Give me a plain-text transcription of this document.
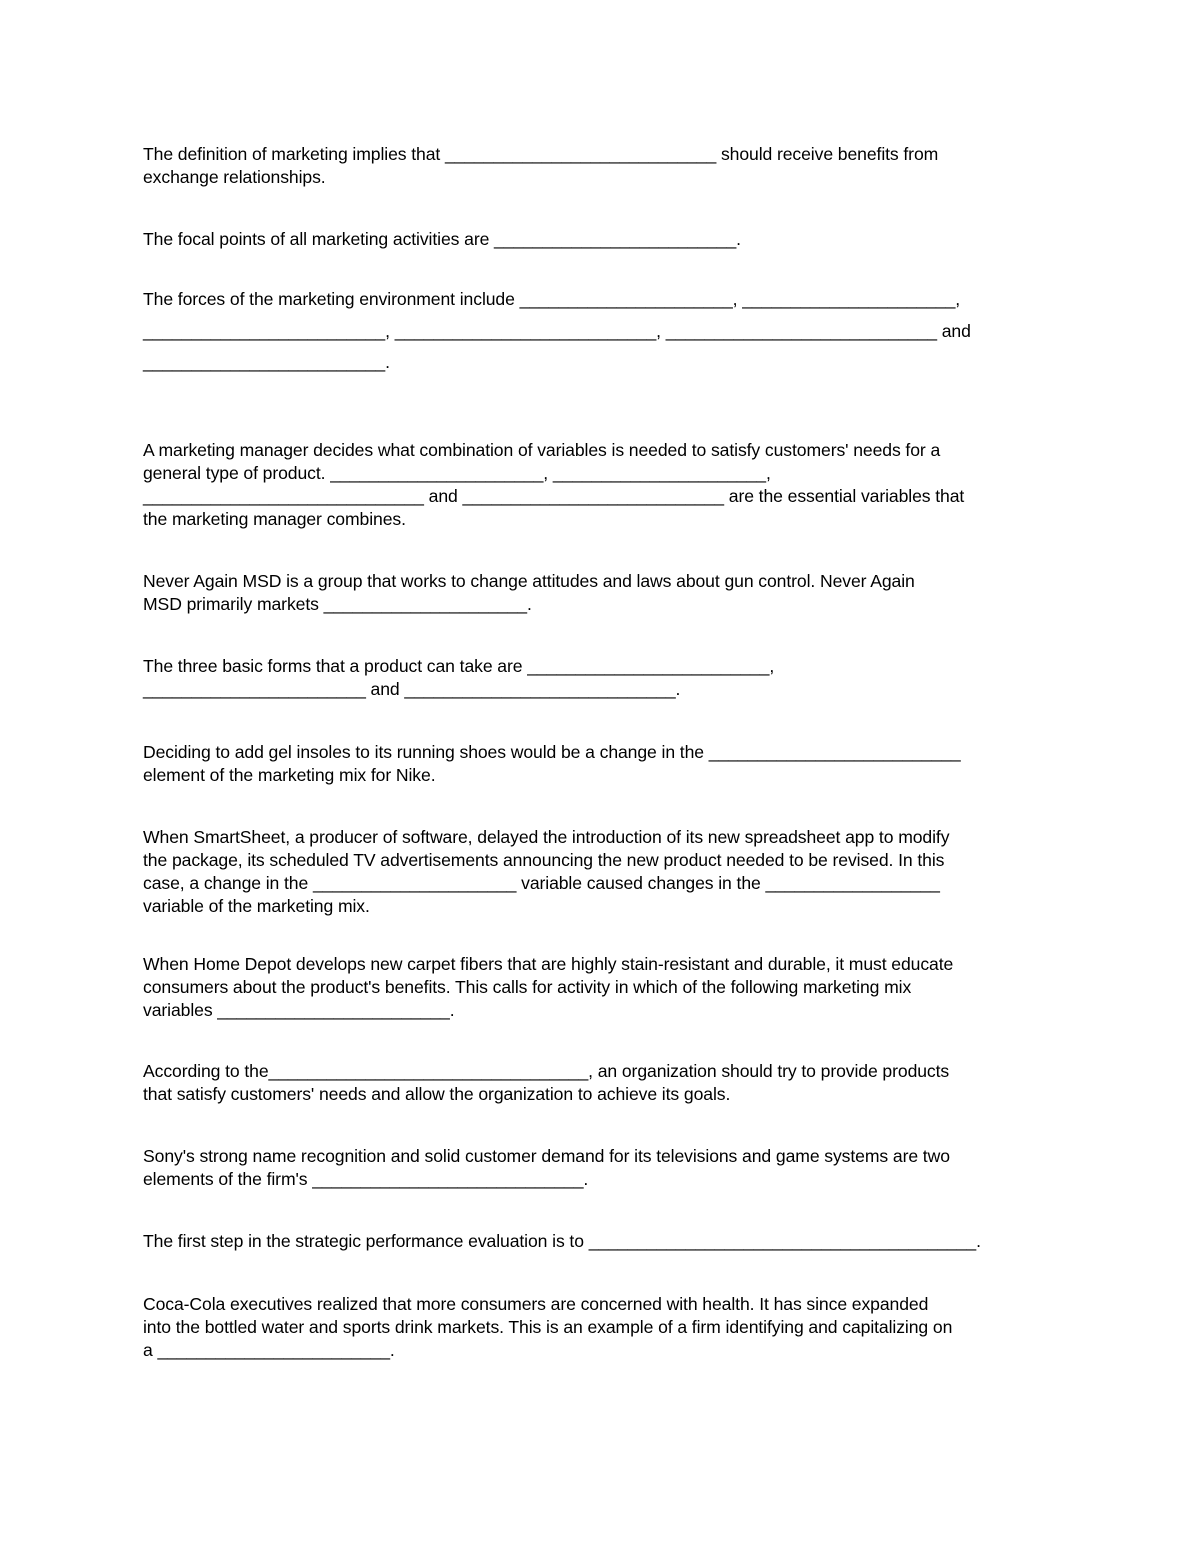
The definition of marketing implies that ____________________________ should receive benefits from
exchange relationships.

The focal points of all marketing activities are _________________________.

The forces of the marketing environment include ______________________, ______________________,
_________________________, ___________________________, ____________________________ and
_________________________.

A marketing manager decides what combination of variables is needed to satisfy customers' needs for a
general type of product. ______________________, ______________________,
_____________________________ and ___________________________ are the essential variables that
the marketing manager combines.

Never Again MSD is a group that works to change attitudes and laws about gun control. Never Again
MSD primarily markets _____________________.

The three basic forms that a product can take are _________________________,
_______________________ and ____________________________.

Deciding to add gel insoles to its running shoes would be a change in the __________________________
element of the marketing mix for Nike.

When SmartSheet, a producer of software, delayed the introduction of its new spreadsheet app to modify
the package, its scheduled TV advertisements announcing the new product needed to be revised. In this
case, a change in the _____________________ variable caused changes in the __________________
variable of the marketing mix.

When Home Depot develops new carpet fibers that are highly stain-resistant and durable, it must educate
consumers about the product's benefits. This calls for activity in which of the following marketing mix
variables ________________________.

According to the_________________________________, an organization should try to provide products
that satisfy customers' needs and allow the organization to achieve its goals.

Sony's strong name recognition and solid customer demand for its televisions and game systems are two
elements of the firm's ____________________________.

The first step in the strategic performance evaluation is to ________________________________________.

Coca-Cola executives realized that more consumers are concerned with health. It has since expanded
into the bottled water and sports drink markets. This is an example of a firm identifying and capitalizing on
a ________________________.
